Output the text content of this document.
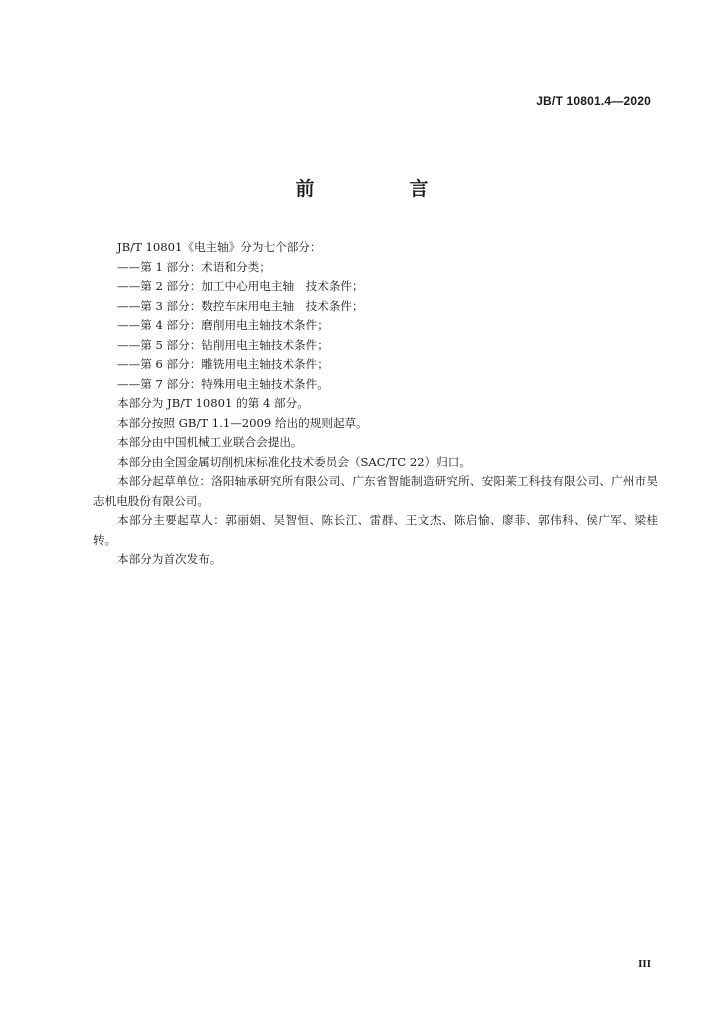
JB/T 10801.4—2020
前　言

JB/T 10801《电主轴》分为七个部分：

——第 1 部分：术语和分类；

——第 2 部分：加工中心用电主轴　技术条件；

——第 3 部分：数控车床用电主轴　技术条件；

——第 4 部分：磨削用电主轴技术条件；

——第 5 部分：钻削用电主轴技术条件；

——第 6 部分：雕铣用电主轴技术条件；

——第 7 部分：特殊用电主轴技术条件。

本部分为 JB/T 10801 的第 4 部分。

本部分按照 GB/T 1.1—2009 给出的规则起草。

本部分由中国机械工业联合会提出。

本部分由全国金属切削机床标准化技术委员会（SAC/TC 22）归口。

本部分起草单位：洛阳轴承研究所有限公司、广东省智能制造研究所、安阳莱工科技有限公司、广州市昊志机电股份有限公司。

本部分主要起草人：郭丽娟、吴智恒、陈长江、雷群、王文杰、陈启愉、廖菲、郭伟科、侯广军、梁桂转。

本部分为首次发布。

III
